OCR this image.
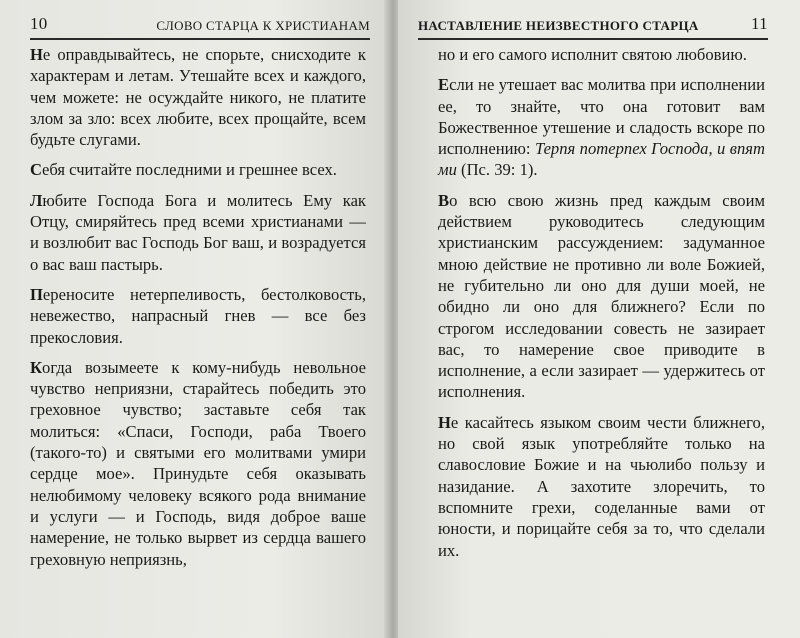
10	СЛОВО СТАРЦА К ХРИСТИАНАМ

Не оправдывайтесь, не спорьте, снисходите к характерам и летам. Утешайте всех и каждого, чем можете: не осуждайте никого, не платите злом за зло: всех любите, всех прощайте, всем будьте слугами.

Себя считайте последними и грешнее всех.

Любите Господа Бога и молитесь Ему как Отцу, смиряйтесь пред всеми христианами — и возлюбит вас Господь Бог ваш, и возрадуется о вас ваш пастырь.

Переносите нетерпеливость, бестолковость, невежество, напрасный гнев — все без прекословия.

Когда возымеете к кому-нибудь невольное чувство неприязни, старайтесь победить это греховное чувство; заставьте себя так молиться: «Спаси, Господи, раба Твоего (такого-то) и святыми его молитвами умири сердце мое». Принудьте себя оказывать нелюбимому человеку всякого рода внимание и услуги — и Господь, видя доброе ваше намерение, не только вырвет из сердца вашего греховную неприязнь,

НАСТАВЛЕНИЕ НЕИЗВЕСТНОГО СТАРЦА	11

но и его самого исполнит святою любовию.

Если не утешает вас молитва при исполнении ее, то знайте, что она готовит вам Божественное утешение и сладость вскоре по исполнению: Терпя потерпех Господа, и вnят ми (Пс. 39: 1).

Во всю свою жизнь пред каждым своим действием руководитесь следующим христианским рассуждением: задуманное мною действие не противно ли воле Божией, не губительно ли оно для души моей, не обидно ли оно для ближнего? Если по строгом исследовании совесть не зазирает вас, то намерение свое приводите в исполнение, а если зазирает — удержитесь от исполнения.

Не касайтесь языком своим чести ближнего, но свой язык употребляйте только на славословие Божие и на чьюлибо пользу и назидание. А захотите злоречить, то вспомните грехи, соделанные вами от юности, и порицайте себя за то, что сделали их.
